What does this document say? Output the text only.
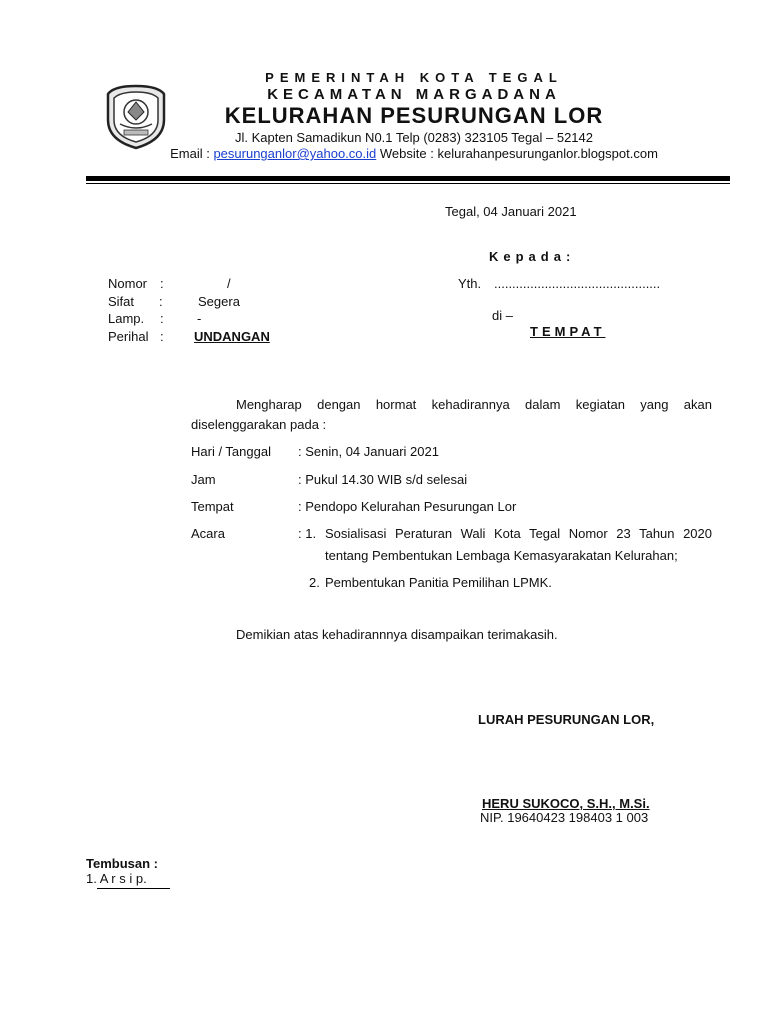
PEMERINTAH KOTA TEGAL
KECAMATAN MARGADANA
KELURAHAN PESURUNGAN LOR
Jl. Kapten Samadikun N0.1 Telp (0283) 323105 Tegal – 52142
Email : pesurunganlor@yahoo.co.id Website : kelurahanpesurunganlor.blogspot.com
Tegal, 04 Januari 2021
Kepada:
Nomor :	/
Sifat :	Segera
Lamp. :	-
Perihal : UNDANGAN
Yth. ..............................................
di –
TEMPAT
Mengharap dengan hormat kehadirannya dalam kegiatan yang akan
diselenggarakan pada :
Hari / Tanggal : Senin, 04 Januari 2021
Jam	: Pukul 14.30 WIB s/d selesai
Tempat	: Pendopo Kelurahan Pesurungan Lor
Acara	: 1. Sosialisasi Peraturan Wali Kota Tegal Nomor 23 Tahun 2020
tentang Pembentukan Lembaga Kemasyarakatan Kelurahan;
2. Pembentukan Panitia Pemilihan LPMK.
Demikian atas kehadirannnya disampaikan terimakasih.
LURAH PESURUNGAN LOR,
HERU SUKOCO, S.H., M.Si.
NIP. 19640423 198403 1 003
Tembusan :
1. A r s i p.
